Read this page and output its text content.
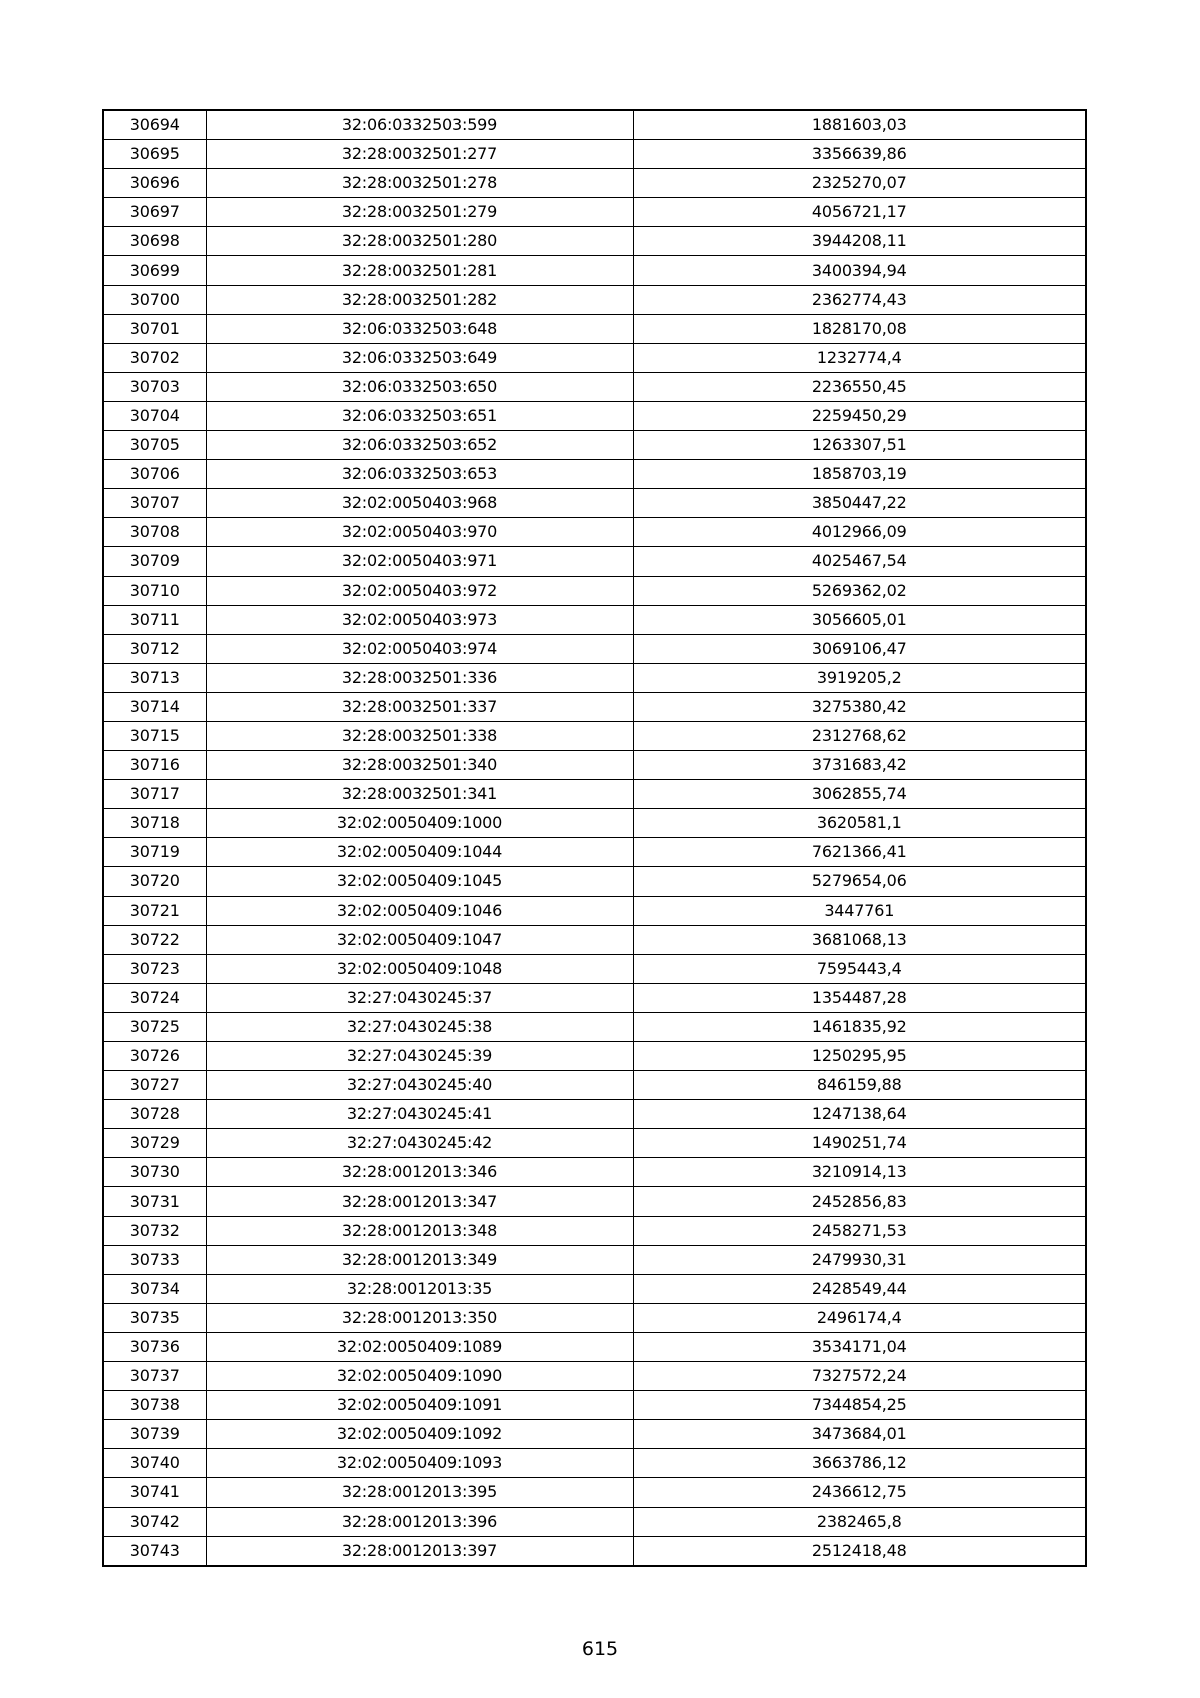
30694	32:06:0332503:599	1881603,03
30695	32:28:0032501:277	3356639,86
30696	32:28:0032501:278	2325270,07
30697	32:28:0032501:279	4056721,17
30698	32:28:0032501:280	3944208,11
30699	32:28:0032501:281	3400394,94
30700	32:28:0032501:282	2362774,43
30701	32:06:0332503:648	1828170,08
30702	32:06:0332503:649	1232774,4
30703	32:06:0332503:650	2236550,45
30704	32:06:0332503:651	2259450,29
30705	32:06:0332503:652	1263307,51
30706	32:06:0332503:653	1858703,19
30707	32:02:0050403:968	3850447,22
30708	32:02:0050403:970	4012966,09
30709	32:02:0050403:971	4025467,54
30710	32:02:0050403:972	5269362,02
30711	32:02:0050403:973	3056605,01
30712	32:02:0050403:974	3069106,47
30713	32:28:0032501:336	3919205,2
30714	32:28:0032501:337	3275380,42
30715	32:28:0032501:338	2312768,62
30716	32:28:0032501:340	3731683,42
30717	32:28:0032501:341	3062855,74
30718	32:02:0050409:1000	3620581,1
30719	32:02:0050409:1044	7621366,41
30720	32:02:0050409:1045	5279654,06
30721	32:02:0050409:1046	3447761
30722	32:02:0050409:1047	3681068,13
30723	32:02:0050409:1048	7595443,4
30724	32:27:0430245:37	1354487,28
30725	32:27:0430245:38	1461835,92
30726	32:27:0430245:39	1250295,95
30727	32:27:0430245:40	846159,88
30728	32:27:0430245:41	1247138,64
30729	32:27:0430245:42	1490251,74
30730	32:28:0012013:346	3210914,13
30731	32:28:0012013:347	2452856,83
30732	32:28:0012013:348	2458271,53
30733	32:28:0012013:349	2479930,31
30734	32:28:0012013:35	2428549,44
30735	32:28:0012013:350	2496174,4
30736	32:02:0050409:1089	3534171,04
30737	32:02:0050409:1090	7327572,24
30738	32:02:0050409:1091	7344854,25
30739	32:02:0050409:1092	3473684,01
30740	32:02:0050409:1093	3663786,12
30741	32:28:0012013:395	2436612,75
30742	32:28:0012013:396	2382465,8
30743	32:28:0012013:397	2512418,48
615
